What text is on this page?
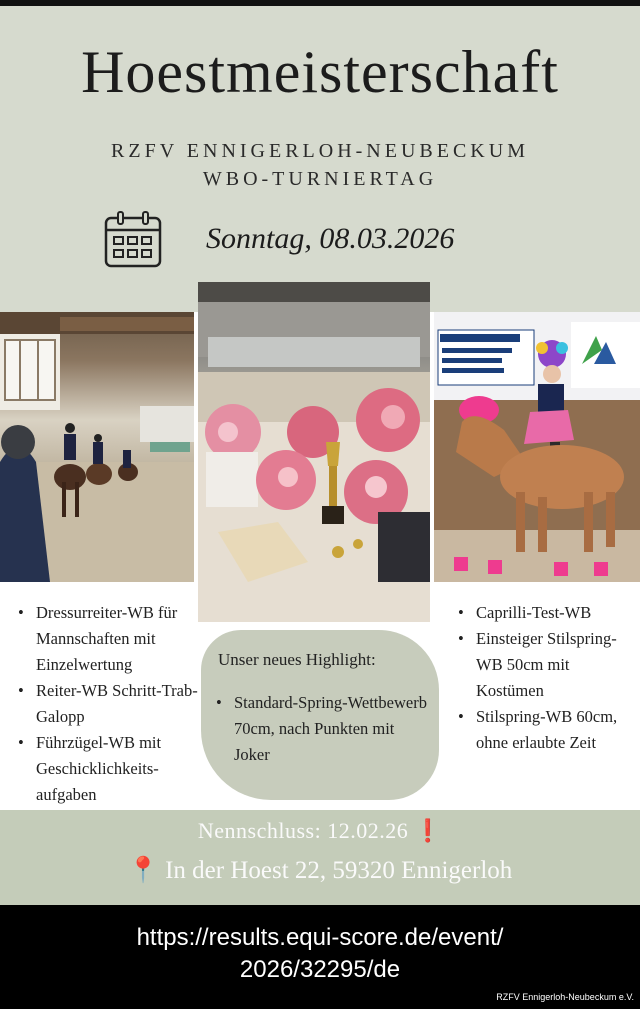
Hoestmeisterschaft
RZFV ENNIGERLOH-NEUBECKUM
WBO-TURNIERTAG
Sonntag, 08.03.2026
• Dressurreiter-WB für Mannschaften mit Einzelwertung
• Reiter-WB Schritt-Trab-Galopp
• Führzügel-WB mit Geschicklichkeits-aufgaben
Unser neues Highlight:
• Standard-Spring-Wettbewerb 70cm, nach Punkten mit Joker
• Caprilli-Test-WB
• Einsteiger Stilspring-WB 50cm mit Kostümen
• Stilspring-WB 60cm, ohne erlaubte Zeit
Nennschluss: 12.02.26 ❗
📍 In der Hoest 22, 59320 Ennigerloh
https://results.equi-score.de/event/
2026/32295/de
RZFV Ennigerloh-Neubeckum e.V.
